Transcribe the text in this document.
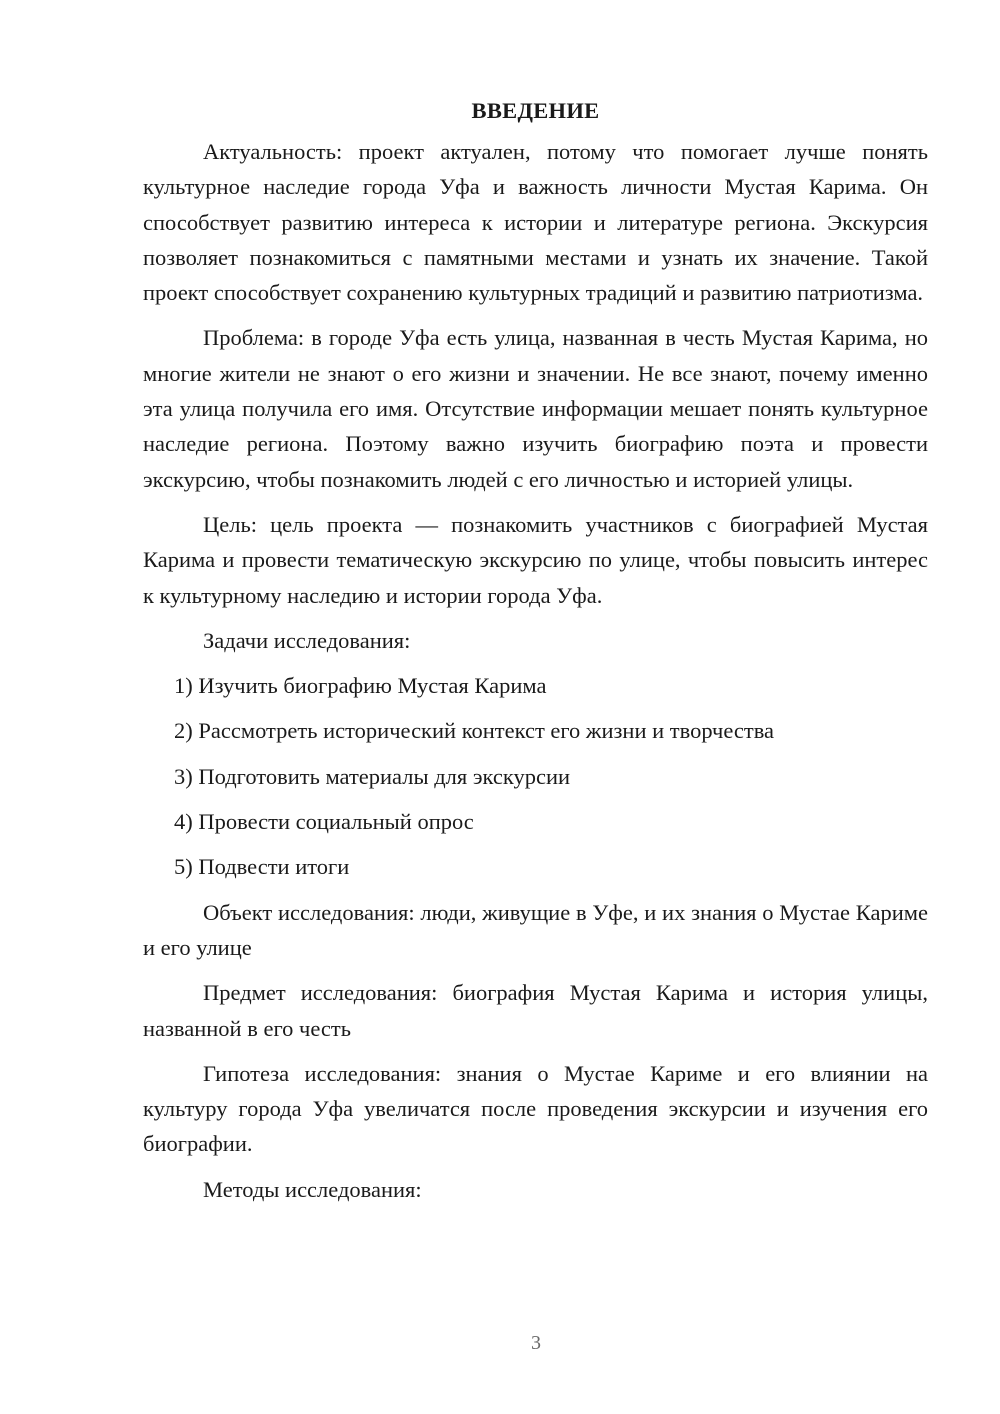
ВВЕДЕНИЕ

Актуальность: проект актуален, потому что помогает лучше понять культурное наследие города Уфа и важность личности Мустая Карима. Он способствует развитию интереса к истории и литературе региона. Экскурсия позволяет познакомиться с памятными местами и узнать их значение. Такой проект способствует сохранению культурных традиций и развитию патриотизма.

Проблема: в городе Уфа есть улица, названная в честь Мустая Карима, но многие жители не знают о его жизни и значении. Не все знают, почему именно эта улица получила его имя. Отсутствие информации мешает понять культурное наследие региона. Поэтому важно изучить биографию поэта и провести экскурсию, чтобы познакомить людей с его личностью и историей улицы.

Цель: цель проекта — познакомить участников с биографией Мустая Карима и провести тематическую экскурсию по улице, чтобы повысить интерес к культурному наследию и истории города Уфа.

Задачи исследования:

1) Изучить биографию Мустая Карима
2) Рассмотреть исторический контекст его жизни и творчества
3) Подготовить материалы для экскурсии
4) Провести социальный опрос
5) Подвести итоги

Объект исследования: люди, живущие в Уфе, и их знания о Мустае Кариме и его улице

Предмет исследования: биография Мустая Карима и история улицы, названной в его честь

Гипотеза исследования: знания о Мустае Кариме и его влиянии на культуру города Уфа увеличатся после проведения экскурсии и изучения его биографии.

Методы исследования:

3
